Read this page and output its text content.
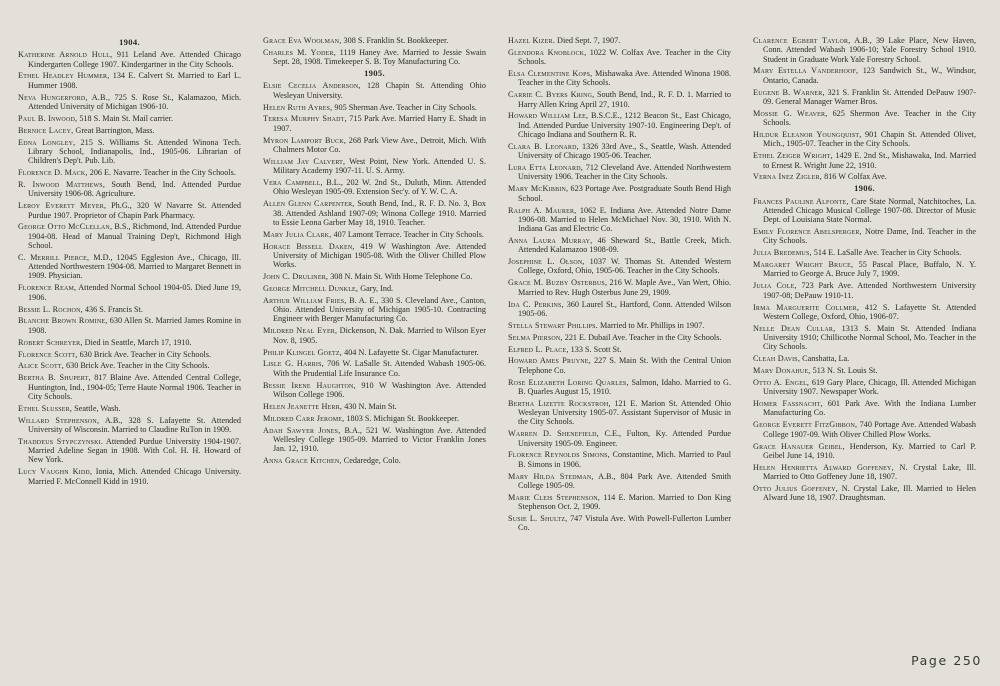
1904.
Katherine Arnold Hull, 911 Leland Ave. Attended Chicago Kindergarten College 1907. Kindergartner in the City Schools.
Ethel Headley Hummer, 134 E. Calvert St. Married to Earl L. Hummer 1908.
Neva Hungerford, A.B., 725 S. Rose St., Kalamazoo, Mich. Attended University of Michigan 1906-10.
Paul B. Inwood, 518 S. Main St. Mail carrier.
Bernice Lacey, Great Barrington, Mass.
Edna Longley, 215 S. Williams St. Attended Winona Tech. Library School, Indianapolis, Ind., 1905-06. Librarian of Children's Dep't. Pub. Lib.
Florence D. Mack, 206 E. Navarre. Teacher in the City Schools.
R. Inwood Matthews, South Bend, Ind. Attended Purdue University 1906-08. Agriculture.
Leroy Everett Meyer, Ph.G., 320 W Navarre St. Attended Purdue 1907. Proprietor of Chapin Park Pharmacy.
George Otto McClellan, B.S., Richmond, Ind. Attended Purdue 1904-08. Head of Manual Training Dep't, Richmond High School.
C. Merrill Pierce, M.D., 12045 Eggleston Ave., Chicago, Ill. Attended Northwestern 1904-08. Married to Margaret Bennett in 1909. Physician.
Florence Ream, Attended Normal School 1904-05. Died June 19, 1906.
Bessie L. Rochon, 436 S. Francis St.
Blanche Brown Romine, 630 Allen St. Married James Romine in 1908.
Robert Schreyer, Died in Seattle, March 17, 1910.
Florence Scott, 630 Brick Ave. Teacher in City Schools.
Alice Scott, 630 Brick Ave. Teacher in the City Schools.
Bertha B. Shupert, 817 Blaine Ave. Attended Central College, Huntington, Ind., 1904-05; Terre Haute Normal 1906. Teacher in City Schools.
Ethel Slusser, Seattle, Wash.
Willard Stephenson, A.B., 328 S. Lafayette St. Attended University of Wisconsin. Married to Claudine RuTon in 1909.
Thaddeus Stypczynski. Attended Purdue University 1904-1907. Married Adeline Segan in 1908. With Col. H. H. Howard of New York.
Lucy Vaughn Kidd, Ionia, Mich. Attended Chicago University. Married F. McConnell Kidd in 1910.
Grace Eva Woolman, 308 S. Franklin St. Bookkeeper.
Charles M. Yoder, 1119 Haney Ave. Married to Jessie Swain Sept. 28, 1908. Timekeeper S. B. Toy Manufacturing Co.
1905.
Elsie Cecelia Anderson, 128 Chapin St. Attending Ohio Wesleyan University.
Helen Ruth Ayres, 905 Sherman Ave. Teacher in City Schools.
Teresa Murphy Shadt, 715 Park Ave. Married Harry E. Shadt in 1907.
Myron Lamport Buck, 268 Park View Ave., Detroit, Mich. With Chalmers Motor Co.
William Jay Calvert, West Point, New York. Attended U. S. Military Academy 1907-11. U. S. Army.
Vera Campbell, B.L., 202 W. 2nd St., Duluth, Minn. Attended Ohio Wesleyan 1905-09. Extension Sec'y. of Y. W. C. A.
Allen Glenn Carpenter, South Bend, Ind., R. F. D. No. 3, Box 38. Attended Ashland 1907-09; Winona College 1910. Married to Essie Leona Garber May 18, 1910. Teacher.
Mary Julia Clark, 407 Lamont Terrace. Teacher in City Schools.
Horace Bissell Daken, 419 W Washington Ave. Attended University of Michigan 1905-08. With the Oliver Chilled Plow Works.
John C. Druliner, 308 N. Main St. With Home Telephone Co.
George Mitchell Dunkle, Gary, Ind.
Arthur William Fries, B. A. E., 330 S. Cleveland Ave., Canton, Ohio. Attended University of Michigan 1905-10. Contracting Engineer with Berger Manufacturing Co.
Mildred Neal Eyer, Dickenson, N. Dak. Married to Wilson Eyer Nov. 8, 1905.
Philip Klingel Goetz, 404 N. Lafayette St. Cigar Manufacturer.
Lisle G. Harris, 706 W. LaSalle St. Attended Wabash 1905-06. With the Prudential Life Insurance Co.
Bessie Irene Haughton, 910 W Washington Ave. Attended Wilson College 1906.
Helen Jeanette Herr, 430 N. Main St.
Mildred Carr Jerome, 1803 S. Michigan St. Bookkeeper.
Adah Sawyer Jones, B.A., 521 W. Washington Ave. Attended Wellesley College 1905-09. Married to Victor Franklin Jones Jan. 12, 1910.
Anna Grace Kitchen, Cedaredge, Colo.
Hazel Kizer. Died Sept. 7, 1907.
Glendora Knoblock, 1022 W. Colfax Ave. Teacher in the City Schools.
Elsa Clementine Kops, Mishawaka Ave. Attended Winona 1908. Teacher in the City Schools.
Carrie C. Byers Kring, South Bend, Ind., R. F. D. 1. Married to Harry Allen Kring April 27, 1910.
Howard William Lee, B.S.C.E., 1212 Beacon St., East Chicago, Ind. Attended Purdue University 1907-10. Engineering Dep't. of Chicago Indiana and Southern R. R.
Clara B. Leonard, 1326 33rd Ave., S., Seattle, Wash. Attended University of Chicago 1905-06. Teacher.
Lura Etta Leonard, 712 Cleveland Ave. Attended Northwestern University 1906. Teacher in the City Schools.
Mary McKibbin, 623 Portage Ave. Postgraduate South Bend High School.
Ralph A. Maurer, 1062 E. Indiana Ave. Attended Notre Dame 1906-08. Married to Helen McMichael Nov. 30, 1910. With N. Indiana Gas and Electric Co.
Anna Laura Murray, 46 Sheward St., Battle Creek, Mich. Attended Kalamazoo 1908-09.
Josephine L. Olson, 1037 W. Thomas St. Attended Western College, Oxford, Ohio, 1905-06. Teacher in the City Schools.
Grace M. Buzby Osterbus, 216 W. Maple Ave., Van Wert, Ohio. Married to Rev. Hugh Osterbus June 29, 1909.
Ida C. Perkins, 360 Laurel St., Hartford, Conn. Attended Wilson 1905-06.
Stella Stewart Phillips. Married to Mr. Phillips in 1907.
Selma Pierson, 221 E. Dubail Ave. Teacher in the City Schools.
Elfred L. Place, 133 S. Scott St.
Howard Ames Pruyne, 227 S. Main St. With the Central Union Telephone Co.
Rose Elizabeth Loring Quarles, Salmon, Idaho. Married to G. B. Quarles August 15, 1910.
Bertha Lizette Rockstroh, 121 E. Marion St. Attended Ohio Wesleyan University 1905-07. Assistant Supervisor of Music in the City Schools.
Warren D. Shenefield, C.E., Fulton, Ky. Attended Purdue University 1905-09. Engineer.
Florence Reynolds Simons, Constantine, Mich. Married to Paul B. Simons in 1906.
Mary Hilda Stedman, A.B., 804 Park Ave. Attended Smith College 1905-09.
Marie Cleis Stephenson, 114 E. Marion. Married to Don King Stephenson Oct. 2, 1909.
Susie L. Shultz, 747 Vistula Ave. With Powell-Fullerton Lumber Co.
Clarence Egbert Taylor, A.B., 39 Lake Place, New Haven, Conn. Attended Wabash 1906-10; Yale Forestry School 1910. Student in Graduate Work Yale Forestry School.
Mary Estella Vanderhoof, 123 Sandwich St., W., Windsor, Ontario, Canada.
Eugene B. Warner, 321 S. Franklin St. Attended DePauw 1907-09. General Manager Warner Bros.
Mossie G. Weaver, 625 Shermon Ave. Teacher in the City Schools.
Hildur Eleanor Youngquist, 901 Chapin St. Attended Olivet, Mich., 1905-07. Teacher in the City Schools.
Ethel Zeiger Wright, 1429 E. 2nd St., Mishawaka, Ind. Married to Ernest R. Wright June 22, 1910.
Verna Inez Zigler, 816 W Colfax Ave.
1906.
Frances Pauline Alfonte, Care State Normal, Natchitoches, La. Attended Chicago Musical College 1907-08. Director of Music Dept. of Louisiana State Normal.
Emily Florence Abelsperger, Notre Dame, Ind. Teacher in the City Schools.
Julia Bredemus, 514 E. LaSalle Ave. Teacher in City Schools.
Margaret Wright Bruce, 55 Pascal Place, Buffalo, N. Y. Married to George A. Bruce July 7, 1909.
Julia Cole, 723 Park Ave. Attended Northwestern University 1907-08; DePauw 1910-11.
Irma Marguerite Collmer, 412 S. Lafayette St. Attended Western College, Oxford, Ohio, 1906-07.
Nelle Dean Cullar, 1313 S. Main St. Attended Indiana University 1910; Chillicothe Normal School, Mo. Teacher in the City Schools.
Cleah Davis, Canshatta, La.
Mary Donahue, 513 N. St. Louis St.
Otto A. Engel, 619 Gary Place, Chicago, Ill. Attended Michigan University 1907. Newspaper Work.
Homer Fassnacht, 601 Park Ave. With the Indiana Lumber Manufacturing Co.
George Everett FitzGibbon, 740 Portage Ave. Attended Wabash College 1907-09. With Oliver Chilled Plow Works.
Grace Hanauer Geibel, Henderson, Ky. Married to Carl P. Geibel June 14, 1910.
Helen Henrietta Alward Goffeney, N. Crystal Lake, Ill. Married to Otto Goffeney June 18, 1907.
Otto Julius Goffeney, N. Crystal Lake, Ill. Married to Helen Alward June 18, 1907. Draughtsman.
Page 250
